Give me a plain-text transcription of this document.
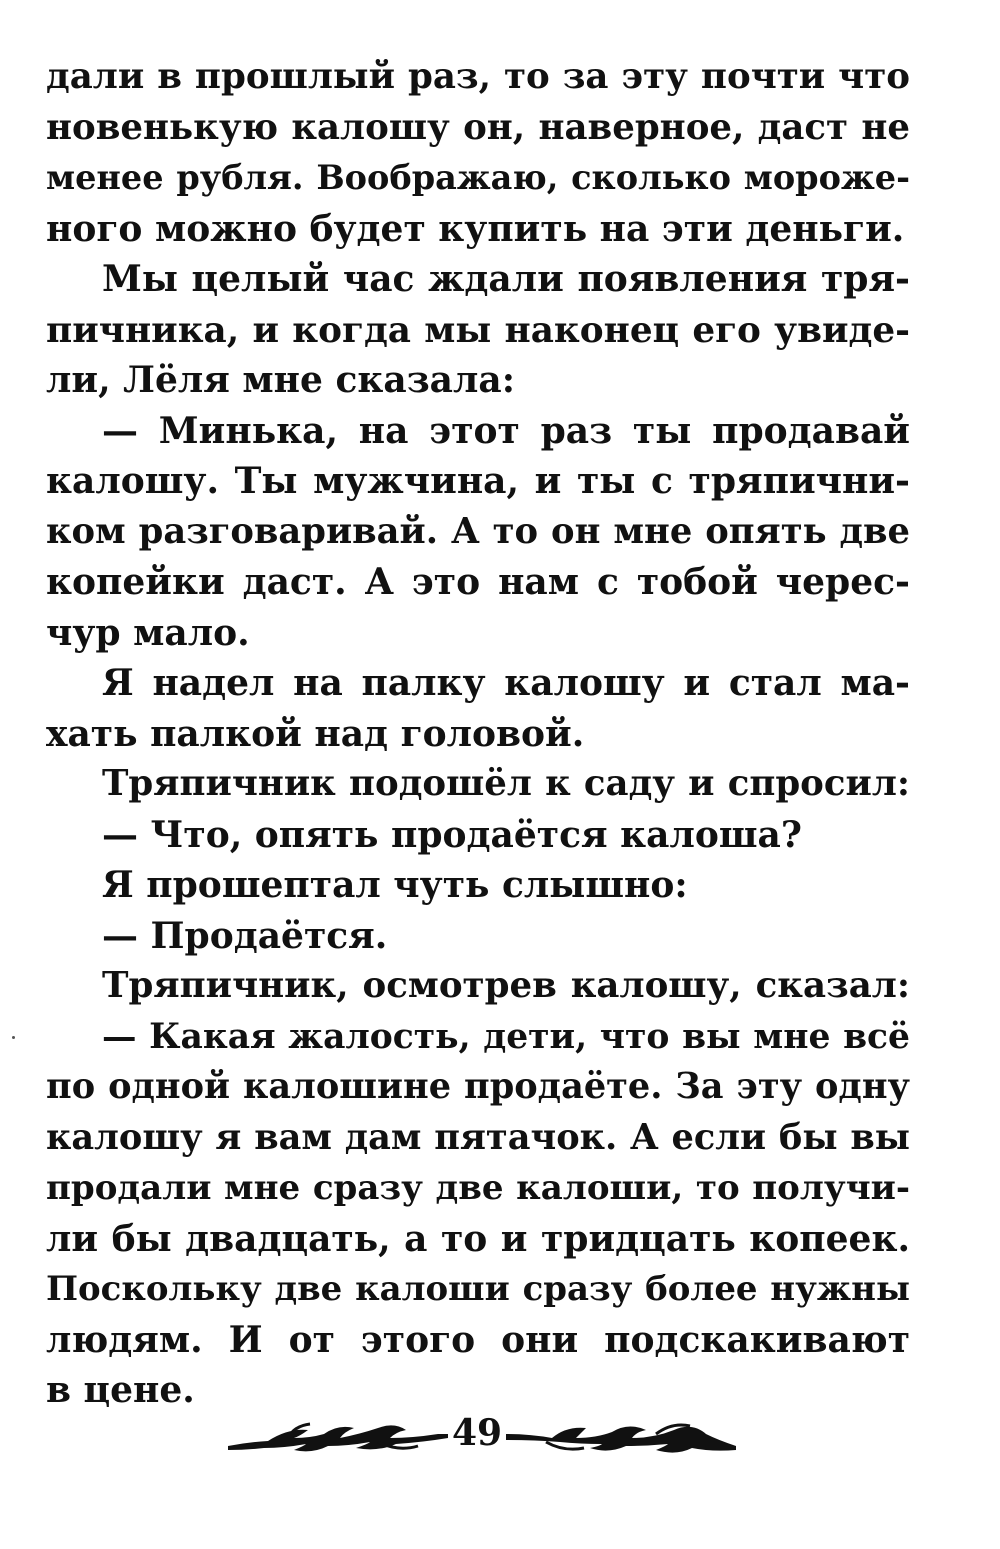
дали в прошлый раз, то за эту почти что
новенькую калошу он, наверное, даст не
менее рубля. Воображаю, сколько мороже-
ного можно будет купить на эти деньги.
Мы целый час ждали появления тря-
пичника, и когда мы наконец его увиде-
ли, Лёля мне сказала:
— Минька, на этот раз ты продавай
калошу. Ты мужчина, и ты с тряпични-
ком разговаривай. А то он мне опять две
копейки даст. А это нам с тобой черес-
чур мало.
Я надел на палку калошу и стал ма-
хать палкой над головой.
Тряпичник подошёл к саду и спросил:
— Что, опять продаётся калоша?
Я прошептал чуть слышно:
— Продаётся.
Тряпичник, осмотрев калошу, сказал:
— Какая жалость, дети, что вы мне всё
по одной калошине продаёте. За эту одну
калошу я вам дам пятачок. А если бы вы
продали мне сразу две калоши, то получи-
ли бы двадцать, а то и тридцать копеек.
Поскольку две калоши сразу более нужны
людям. И от этого они подскакивают
в цене.
49
